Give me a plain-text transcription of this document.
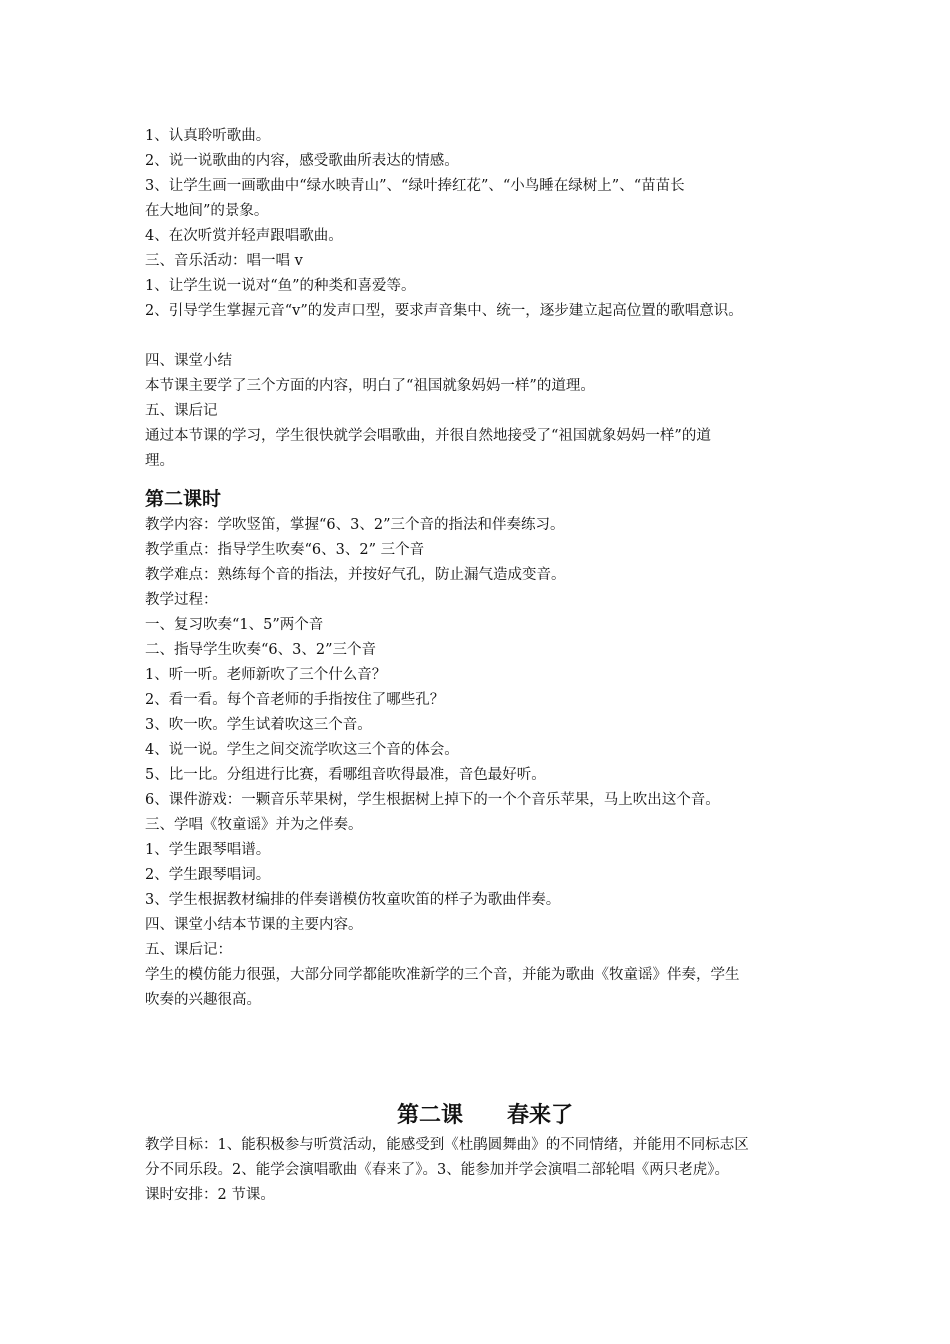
1、认真聆听歌曲。

2、说一说歌曲的内容，感受歌曲所表达的情感。

3、让学生画一画歌曲中“绿水映青山”、“绿叶捧红花”、“小鸟睡在绿树上”、“苗苗长

在大地间”的景象。

4、在次听赏并轻声跟唱歌曲。

三、音乐活动：唱一唱 v

1、让学生说一说对“鱼”的种类和喜爱等。

2、引导学生掌握元音“v”的发声口型，要求声音集中、统一，逐步建立起高位置的歌唱意识。

四、课堂小结

本节课主要学了三个方面的内容，明白了“祖国就象妈妈一样”的道理。

五、课后记

通过本节课的学习，学生很快就学会唱歌曲，并很自然地接受了“祖国就象妈妈一样”的道

理。

第二课时

教学内容：学吹竖笛，掌握“6、3、2”三个音的指法和伴奏练习。

教学重点：指导学生吹奏“6、3、2” 三个音

教学难点：熟练每个音的指法，并按好气孔，防止漏气造成变音。

教学过程：

一、复习吹奏“1、5”两个音

二、指导学生吹奏“6、3、2”三个音

1、听一听。老师新吹了三个什么音？

2、看一看。每个音老师的手指按住了哪些孔？

3、吹一吹。学生试着吹这三个音。

4、说一说。学生之间交流学吹这三个音的体会。

5、比一比。分组进行比赛，看哪组音吹得最准，音色最好听。

6、课件游戏：一颗音乐苹果树，学生根据树上掉下的一个个音乐苹果，马上吹出这个音。

三、学唱《牧童谣》并为之伴奏。

1、学生跟琴唱谱。

2、学生跟琴唱词。

3、学生根据教材编排的伴奏谱模仿牧童吹笛的样子为歌曲伴奏。

四、课堂小结本节课的主要内容。

五、课后记：

学生的模仿能力很强，大部分同学都能吹准新学的三个音，并能为歌曲《牧童谣》伴奏，学生

吹奏的兴趣很高。

第二课 春来了

教学目标：1、能积极参与听赏活动，能感受到《杜鹃圆舞曲》的不同情绪，并能用不同标志区

分不同乐段。2、能学会演唱歌曲《春来了》。3、能参加并学会演唱二部轮唱《两只老虎》。

课时安排：2 节课。
